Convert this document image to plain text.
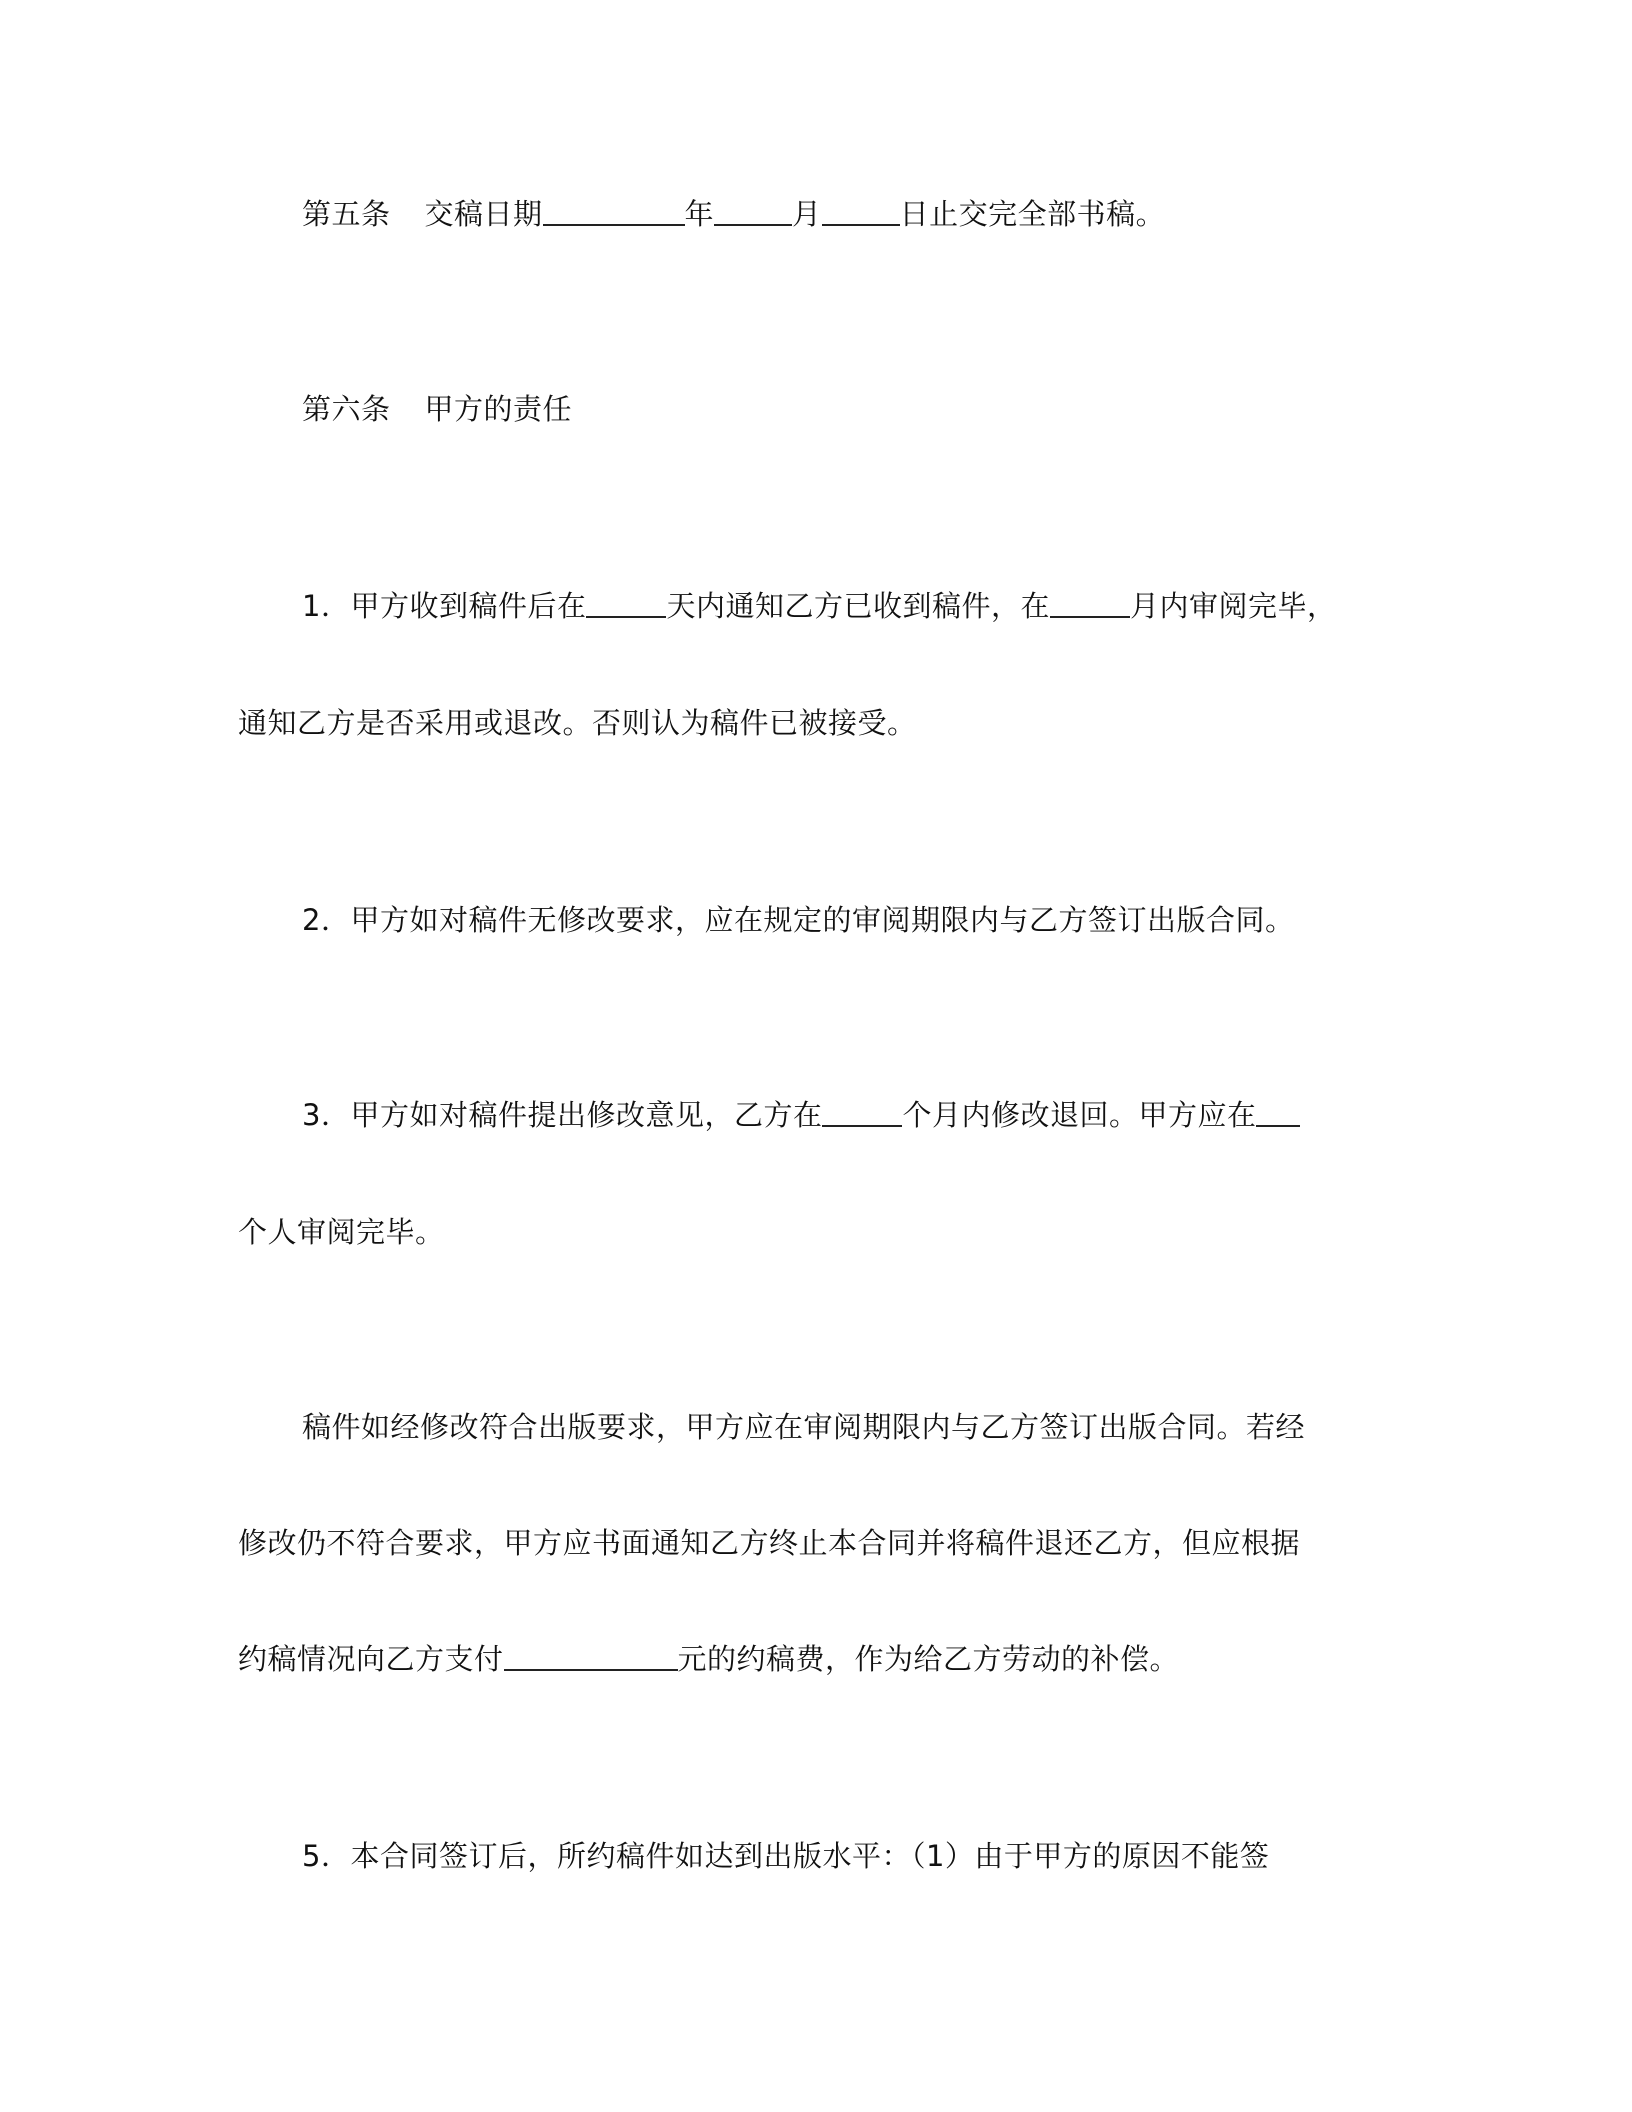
第五条 交稿日期	年	月	日止交完全部书稿。
第六条 甲方的责任
1．甲方收到稿件后在	天内通知乙方已收到稿件，在	月内审阅完毕，
通知乙方是否采用或退改。否则认为稿件已被接受。
2．甲方如对稿件无修改要求，应在规定的审阅期限内与乙方签订出版合同。
3．甲方如对稿件提出修改意见，乙方在	个月内修改退回。甲方应在
个人审阅完毕。
稿件如经修改符合出版要求，甲方应在审阅期限内与乙方签订出版合同。若经
修改仍不符合要求，甲方应书面通知乙方终止本合同并将稿件退还乙方，但应根据
约稿情况向乙方支付	元的约稿费，作为给乙方劳动的补偿。
5．本合同签订后，所约稿件如达到出版水平：（1）由于甲方的原因不能签
